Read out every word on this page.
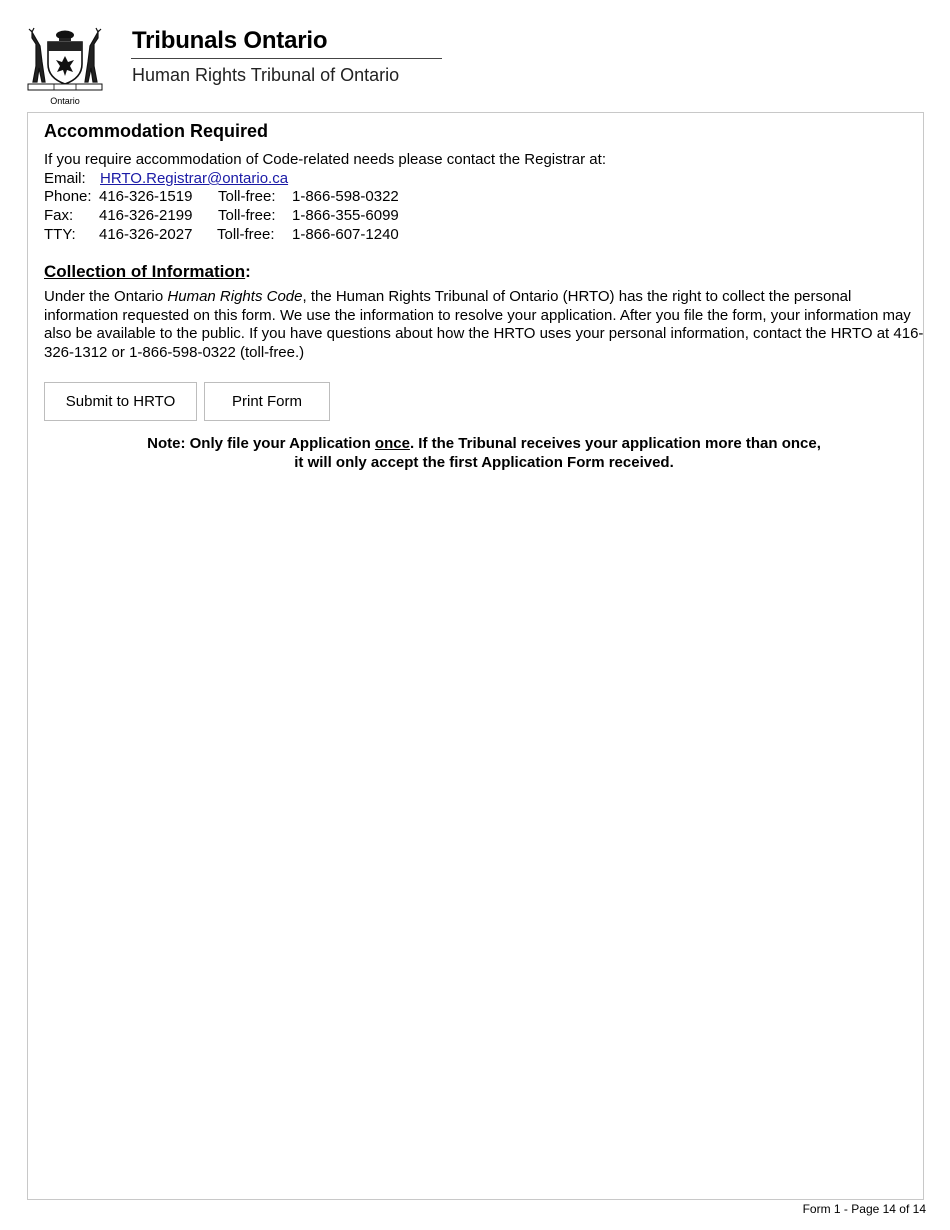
Ontario
Tribunals Ontario
Human Rights Tribunal of Ontario
Accommodation Required
If you require accommodation of Code-related needs please contact the Registrar at:
Email: HRTO.Registrar@ontario.ca
Phone: 416-326-1519 Toll-free: 1-866-598-0322
Fax: 416-326-2199 Toll-free: 1-866-355-6099
TTY: 416-326-2027 Toll-free: 1-866-607-1240
Collection of Information:
Under the Ontario Human Rights Code, the Human Rights Tribunal of Ontario (HRTO) has the right to collect the personal information requested on this form. We use the information to resolve your application. After you file the form, your information may also be available to the public. If you have questions about how the HRTO uses your personal information, contact the HRTO at 416-326-1312 or 1-866-598-0322 (toll-free.)
Submit to HRTO	Print Form
Note: Only file your Application once. If the Tribunal receives your application more than once,
it will only accept the first Application Form received.
Form 1 - Page 14 of 14
